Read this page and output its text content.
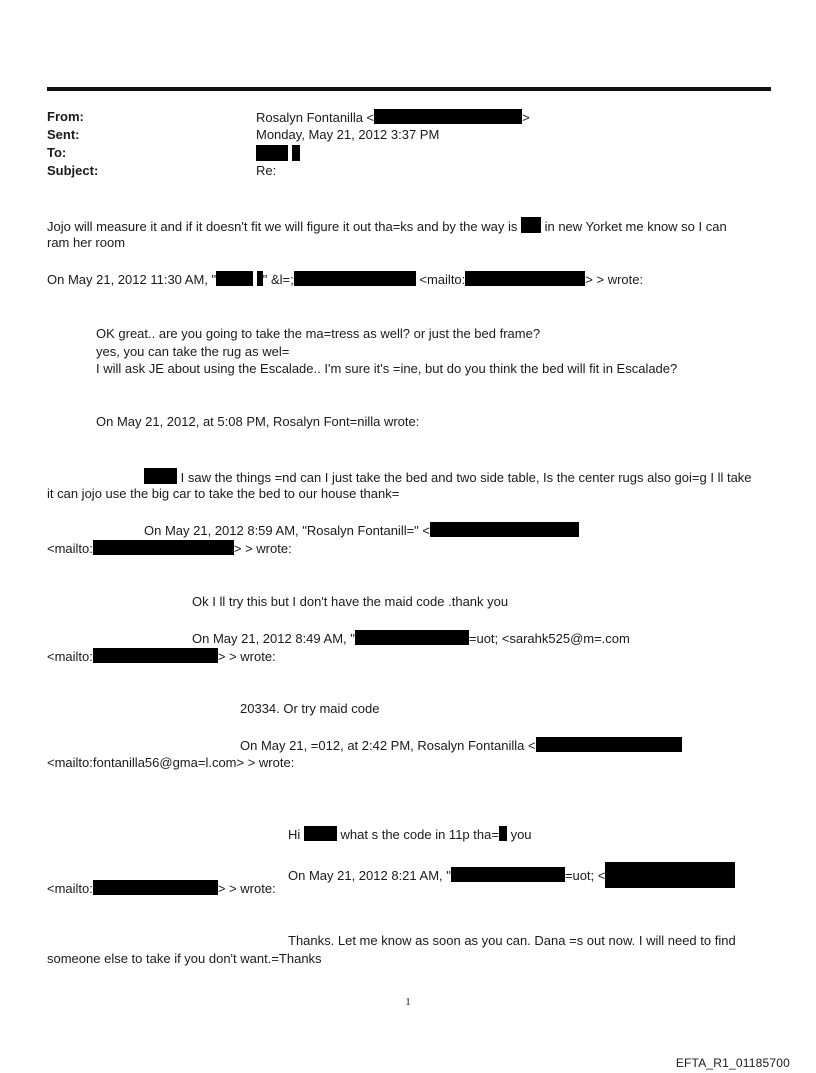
From:	Rosalyn Fontanilla <	>
Sent:	Monday, May 21, 2012 3:37 PM
To:

Subject:	Re:
Jojo will measure it and if it doesn't fit we will figure it out tha=ks and by the way is in new Yorket me know so I can
ram her room
On May 21, 2012 11:30 AM, "	" &l=;	<mailto:	> > wrote:
OK great.. are you going to take the ma=tress as well? or just the bed frame?
yes, you can take the rug as wel=
I will ask JE about using the Escalade.. I'm sure it's =ine, but do you think the bed will fit in Escalade?
On May 21, 2012, at 5:08 PM, Rosalyn Font=nilla wrote:
I saw the things =nd can I just take the bed and two side table, Is the center rugs also goi=g I ll take
it can jojo use the big car to take the bed to our house thank=
On May 21, 2012 8:59 AM, "Rosalyn Fontanill=" <
<mailto:	> > wrote:
Ok I ll try this but I don't have the maid code .thank you
On May 21, 2012 8:49 AM, "	=uot; <sarahk525@m=.com
<mailto:	> > wrote:
20334. Or try maid code
On May 21, =012, at 2:42 PM, Rosalyn Fontanilla <
<mailto:fontanilla56@gma=l.com> > wrote:
Hi	what s the code in 11p tha= you
On May 21, 2012 8:21 AM, "	=uot; <
<mailto:	> > wrote:
Thanks. Let me know as soon as you can. Dana =s out now. I will need to find
someone else to take if you don't want.=Thanks
1
EFTA_R1_01185700
